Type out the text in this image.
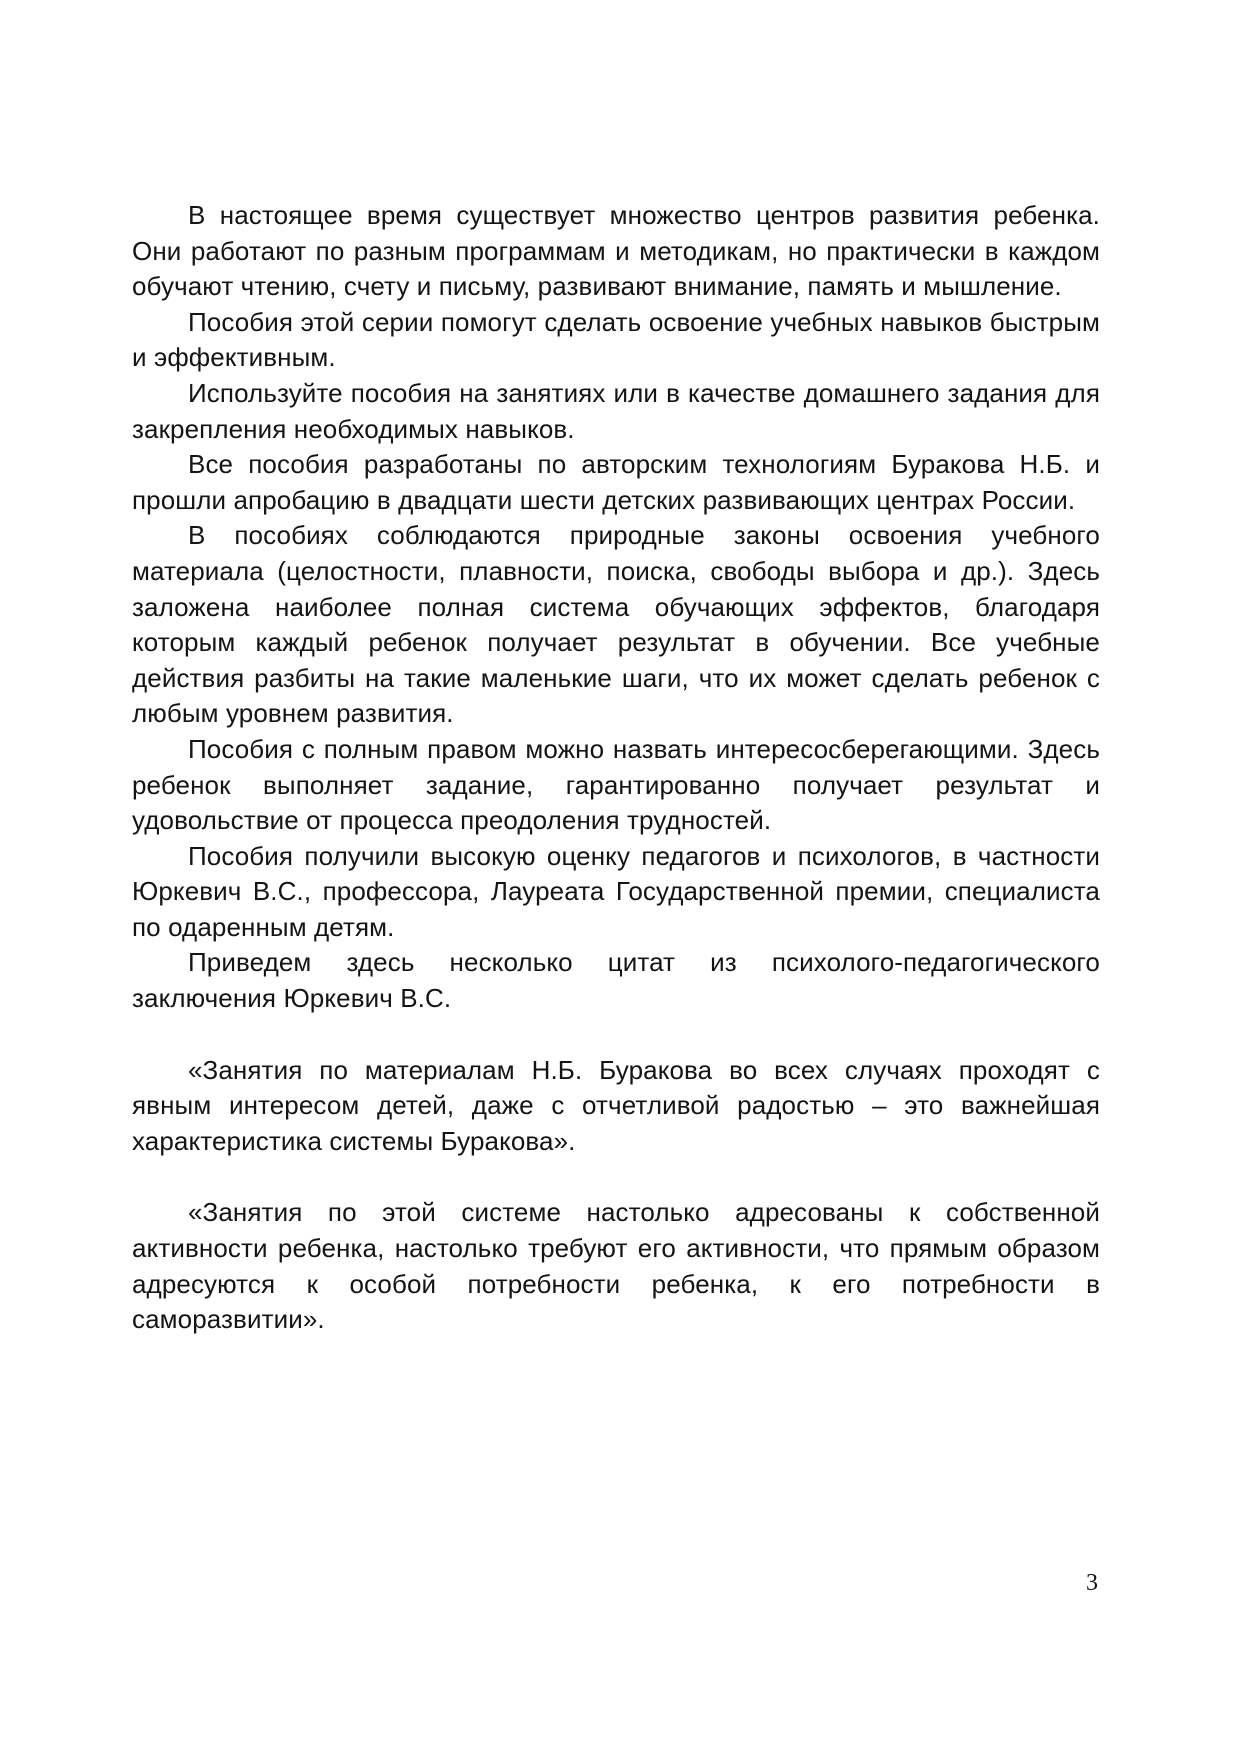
В настоящее время существует множество центров развития ребенка. Они работают по разным программам и методикам, но практически в каждом обучают чтению, счету и письму, развивают внимание, память и мышление.

Пособия этой серии помогут сделать освоение учебных навыков быстрым и эффективным.

Используйте пособия на занятиях или в качестве домашнего задания для закрепления необходимых навыков.

Все пособия разработаны по авторским технологиям Буракова Н.Б. и прошли апробацию в двадцати шести детских развивающих центрах России.

В пособиях соблюдаются природные законы освоения учебного материала (целостности, плавности, поиска, свободы выбора и др.). Здесь заложена наиболее полная система обучающих эффектов, благодаря которым каждый ребенок получает результат в обучении. Все учебные действия разбиты на такие маленькие шаги, что их может сделать ребенок с любым уровнем развития.

Пособия с полным правом можно назвать интересосберегающими. Здесь ребенок выполняет задание, гарантированно получает результат и удовольствие от процесса преодоления трудностей.

Пособия получили высокую оценку педагогов и психологов, в частности Юркевич В.С., профессора, Лауреата Государственной премии, специалиста по одаренным детям.

Приведем здесь несколько цитат из психолого-педагогического заключения Юркевич В.С.

«Занятия по материалам Н.Б. Буракова во всех случаях проходят с явным интересом детей, даже с отчетливой радостью – это важнейшая характеристика системы Буракова».

«Занятия по этой системе настолько адресованы к собственной активности ребенка, настолько требуют его активности, что прямым образом адресуются к особой потребности ребенка, к его потребности в саморазвитии».

3
